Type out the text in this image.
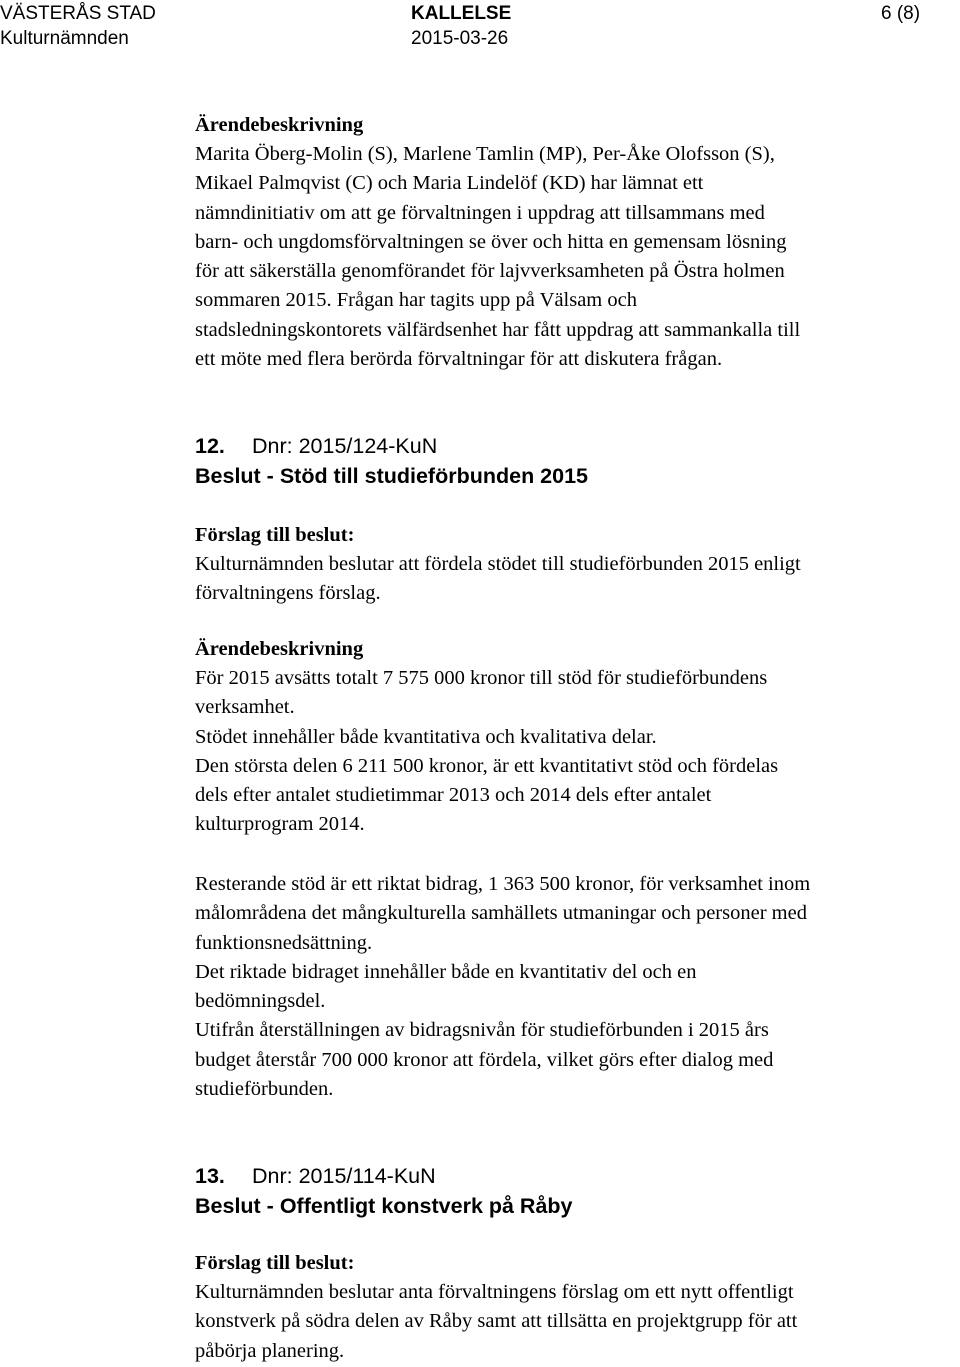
VÄSTERÅS STAD
Kulturnämnden
KALLELSE
2015-03-26
6 (8)
Ärendebeskrivning
Marita Öberg-Molin (S), Marlene Tamlin (MP), Per-Åke Olofsson (S),
Mikael Palmqvist (C) och Maria Lindelöf (KD) har lämnat ett
nämndinitiativ om att ge förvaltningen i uppdrag att tillsammans med
barn- och ungdomsförvaltningen se över och hitta en gemensam lösning
för att säkerställa genomförandet för lajvverksamheten på Östra holmen
sommaren 2015. Frågan har tagits upp på Välsam och
stadsledningskontorets välfärdsenhet har fått uppdrag att sammankalla till
ett möte med flera berörda förvaltningar för att diskutera frågan.
12. Dnr: 2015/124-KuN
Beslut - Stöd till studieförbunden 2015
Förslag till beslut:
Kulturnämnden beslutar att fördela stödet till studieförbunden 2015 enligt
förvaltningens förslag.
Ärendebeskrivning
För 2015 avsätts totalt 7 575 000 kronor till stöd för studieförbundens
verksamhet.
Stödet innehåller både kvantitativa och kvalitativa delar.
Den största delen 6 211 500 kronor, är ett kvantitativt stöd och fördelas
dels efter antalet studietimmar 2013 och 2014 dels efter antalet
kulturprogram 2014.
Resterande stöd är ett riktat bidrag, 1 363 500 kronor, för verksamhet inom
målområdena det mångkulturella samhällets utmaningar och personer med
funktionsnedsättning.
Det riktade bidraget innehåller både en kvantitativ del och en
bedömningsdel.
Utifrån återställningen av bidragsnivån för studieförbunden i 2015 års
budget återstår 700 000 kronor att fördela, vilket görs efter dialog med
studieförbunden.
13. Dnr: 2015/114-KuN
Beslut - Offentligt konstverk på Råby
Förslag till beslut:
Kulturnämnden beslutar anta förvaltningens förslag om ett nytt offentligt
konstverk på södra delen av Råby samt att tillsätta en projektgrupp för att
påbörja planering.
